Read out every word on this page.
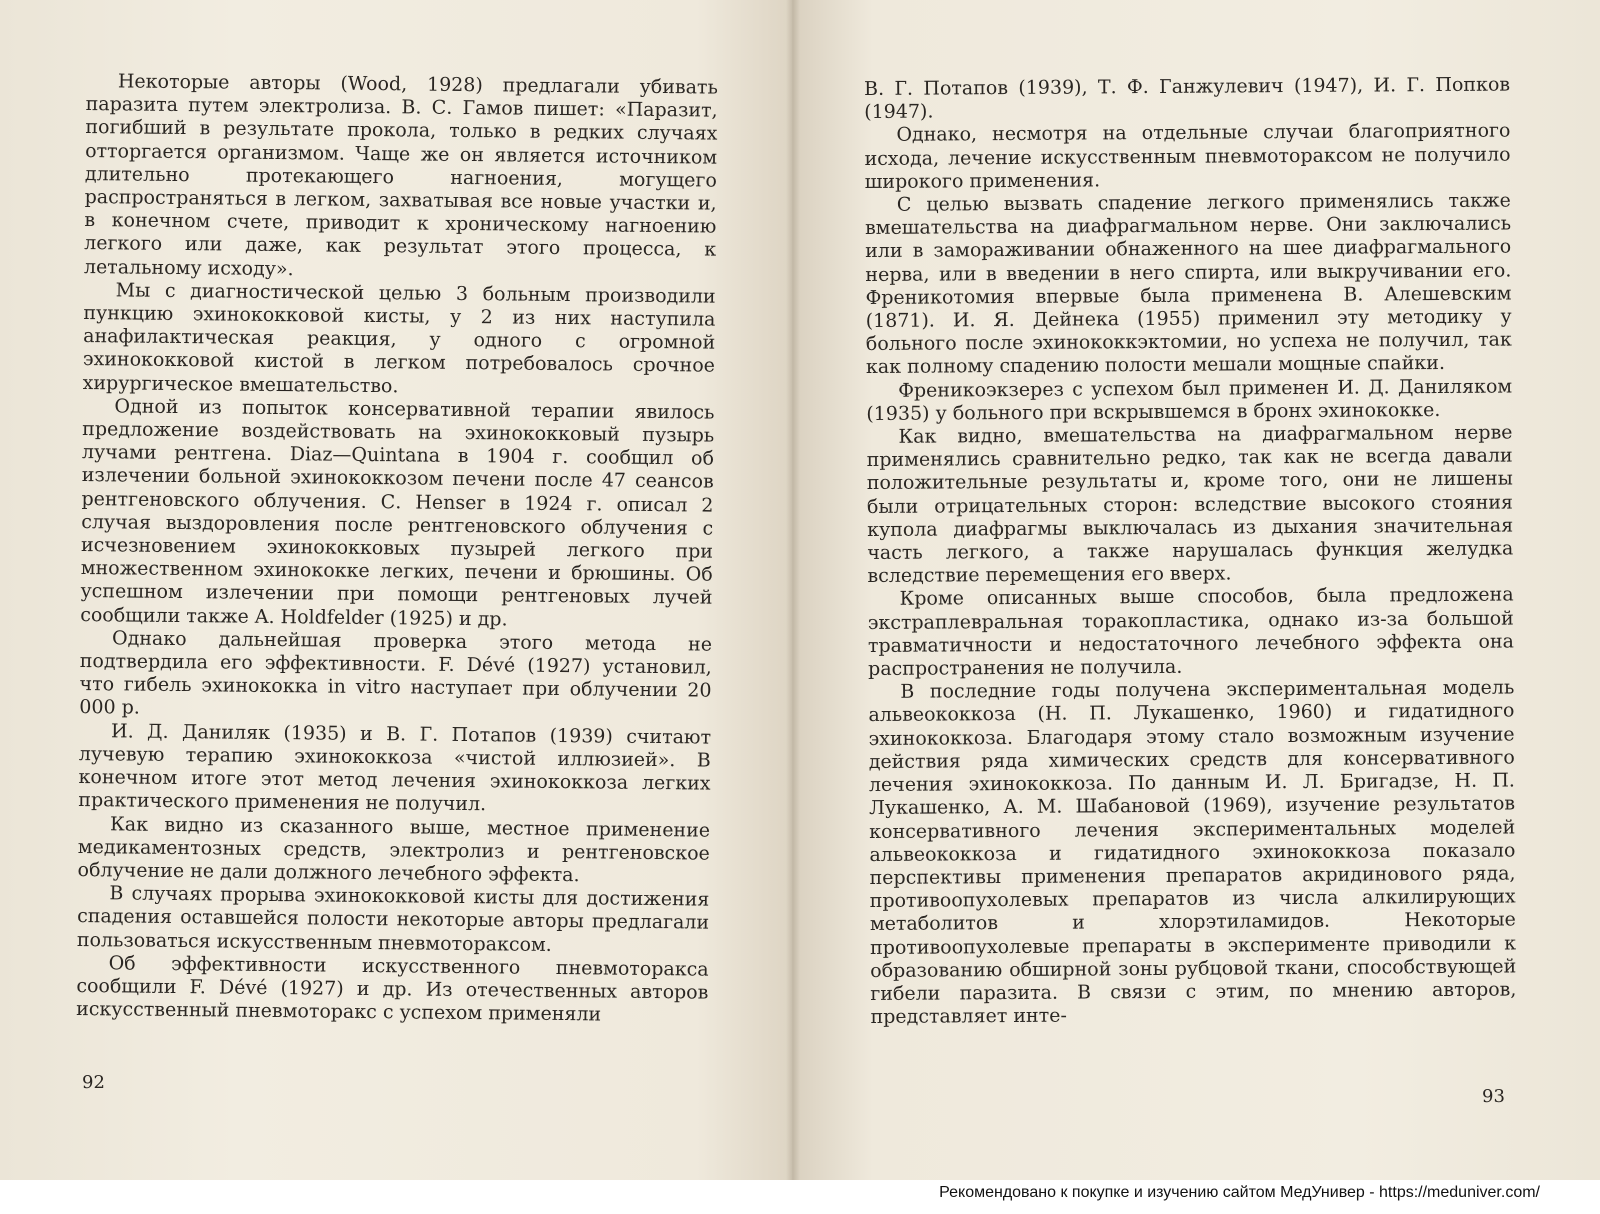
Некоторые авторы (Wood, 1928) предлагали убивать паразита путем электролиза. В. С. Гамов пишет: «Паразит, погибший в результате прокола, только в редких случаях отторгается организмом. Чаще же он является источником длительно протекающего нагноения, могущего распространяться в легком, захватывая все новые участки и, в конечном счете, приводит к хроническому нагноению легкого или даже, как результат этого процесса, к летальному исходу».

Мы с диагностической целью 3 больным производили пункцию эхинококковой кисты, у 2 из них наступила анафилактическая реакция, у одного с огромной эхинококковой кистой в легком потребовалось срочное хирургическое вмешательство.

Одной из попыток консервативной терапии явилось предложение воздействовать на эхинококковый пузырь лучами рентгена. Diaz—Quintana в 1904 г. сообщил об излечении больной эхинококкозом печени после 47 сеансов рентгеновского облучения. С. Henser в 1924 г. описал 2 случая выздоровления после рентгеновского облучения с исчезновением эхинококковых пузырей легкого при множественном эхинококке легких, печени и брюшины. Об успешном излечении при помощи рентгеновых лучей сообщили также A. Holdfelder (1925) и др.

Однако дальнейшая проверка этого метода не подтвердила его эффективности. F. Dévé (1927) установил, что гибель эхинококка in vitro наступает при облучении 20 000 р.

И. Д. Даниляк (1935) и В. Г. Потапов (1939) считают лучевую терапию эхинококкоза «чистой иллюзией». В конечном итоге этот метод лечения эхинококкоза легких практического применения не получил.

Как видно из сказанного выше, местное применение медикаментозных средств, электролиз и рентгеновское облучение не дали должного лечебного эффекта.

В случаях прорыва эхинококковой кисты для достижения спадения оставшейся полости некоторые авторы предлагали пользоваться искусственным пневмотораксом.

Об эффективности искусственного пневмоторакса сообщили F. Dévé (1927) и др. Из отечественных авторов искусственный пневмоторакс с успехом применяли

92

В. Г. Потапов (1939), Т. Ф. Ганжулевич (1947), И. Г. Попков (1947).

Однако, несмотря на отдельные случаи благоприятного исхода, лечение искусственным пневмотораксом не получило широкого применения.

С целью вызвать спадение легкого применялись также вмешательства на диафрагмальном нерве. Они заключались или в замораживании обнаженного на шее диафрагмального нерва, или в введении в него спирта, или выкручивании его. Френикотомия впервые была применена В. Алешевским (1871). И. Я. Дейнека (1955) применил эту методику у больного после эхинококкэктомии, но успеха не получил, так как полному спадению полости мешали мощные спайки.

Френикоэкзерез с успехом был применен И. Д. Даниляком (1935) у больного при вскрывшемся в бронх эхинококке.

Как видно, вмешательства на диафрагмальном нерве применялись сравнительно редко, так как не всегда давали положительные результаты и, кроме того, они не лишены были отрицательных сторон: вследствие высокого стояния купола диафрагмы выключалась из дыхания значительная часть легкого, а также нарушалась функция желудка вследствие перемещения его вверх.

Кроме описанных выше способов, была предложена экстраплевральная торакопластика, однако из-за большой травматичности и недостаточного лечебного эффекта она распространения не получила.

В последние годы получена экспериментальная модель альвеококкоза (Н. П. Лукашенко, 1960) и гидатидного эхинококкоза. Благодаря этому стало возможным изучение действия ряда химических средств для консервативного лечения эхинококкоза. По данным И. Л. Бригадзе, Н. П. Лукашенко, А. М. Шабановой (1969), изучение результатов консервативного лечения экспериментальных моделей альвеококкоза и гидатидного эхинококкоза показало перспективы применения препаратов акридинового ряда, противоопухолевых препаратов из числа алкилирующих метаболитов и хлорэтиламидов. Некоторые противоопухолевые препараты в эксперименте приводили к образованию обширной зоны рубцовой ткани, способствующей гибели паразита. В связи с этим, по мнению авторов, представляет инте-

93
Рекомендовано к покупке и изучению сайтом МедУнивер - https://meduniver.com/
